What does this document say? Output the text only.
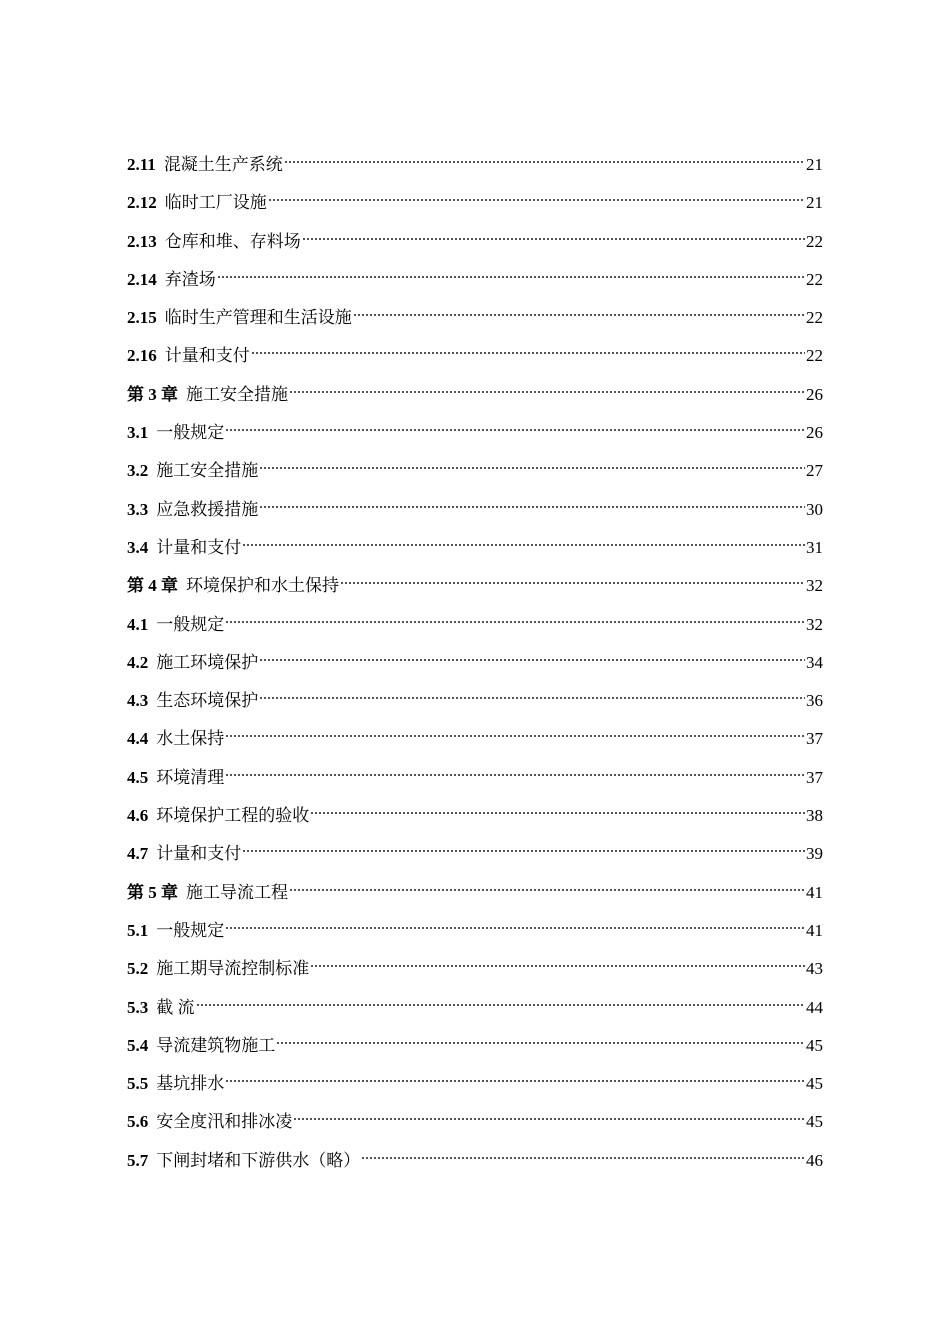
2.11 混凝土生产系统	21
2.12 临时工厂设施	21
2.13 仓库和堆、存料场	22
2.14 弃渣场	22
2.15 临时生产管理和生活设施	22
2.16 计量和支付	22
第 3 章 施工安全措施	26
3.1 一般规定	26
3.2 施工安全措施	27
3.3 应急救援措施	30
3.4 计量和支付	31
第 4 章 环境保护和水土保持	32
4.1 一般规定	32
4.2 施工环境保护	34
4.3 生态环境保护	36
4.4 水土保持	37
4.5 环境清理	37
4.6 环境保护工程的验收	38
4.7 计量和支付	39
第 5 章 施工导流工程	41
5.1 一般规定	41
5.2 施工期导流控制标准	43
5.3 截 流	44
5.4 导流建筑物施工	45
5.5 基坑排水	45
5.6 安全度汛和排冰凌	45
5.7 下闸封堵和下游供水（略）	46
